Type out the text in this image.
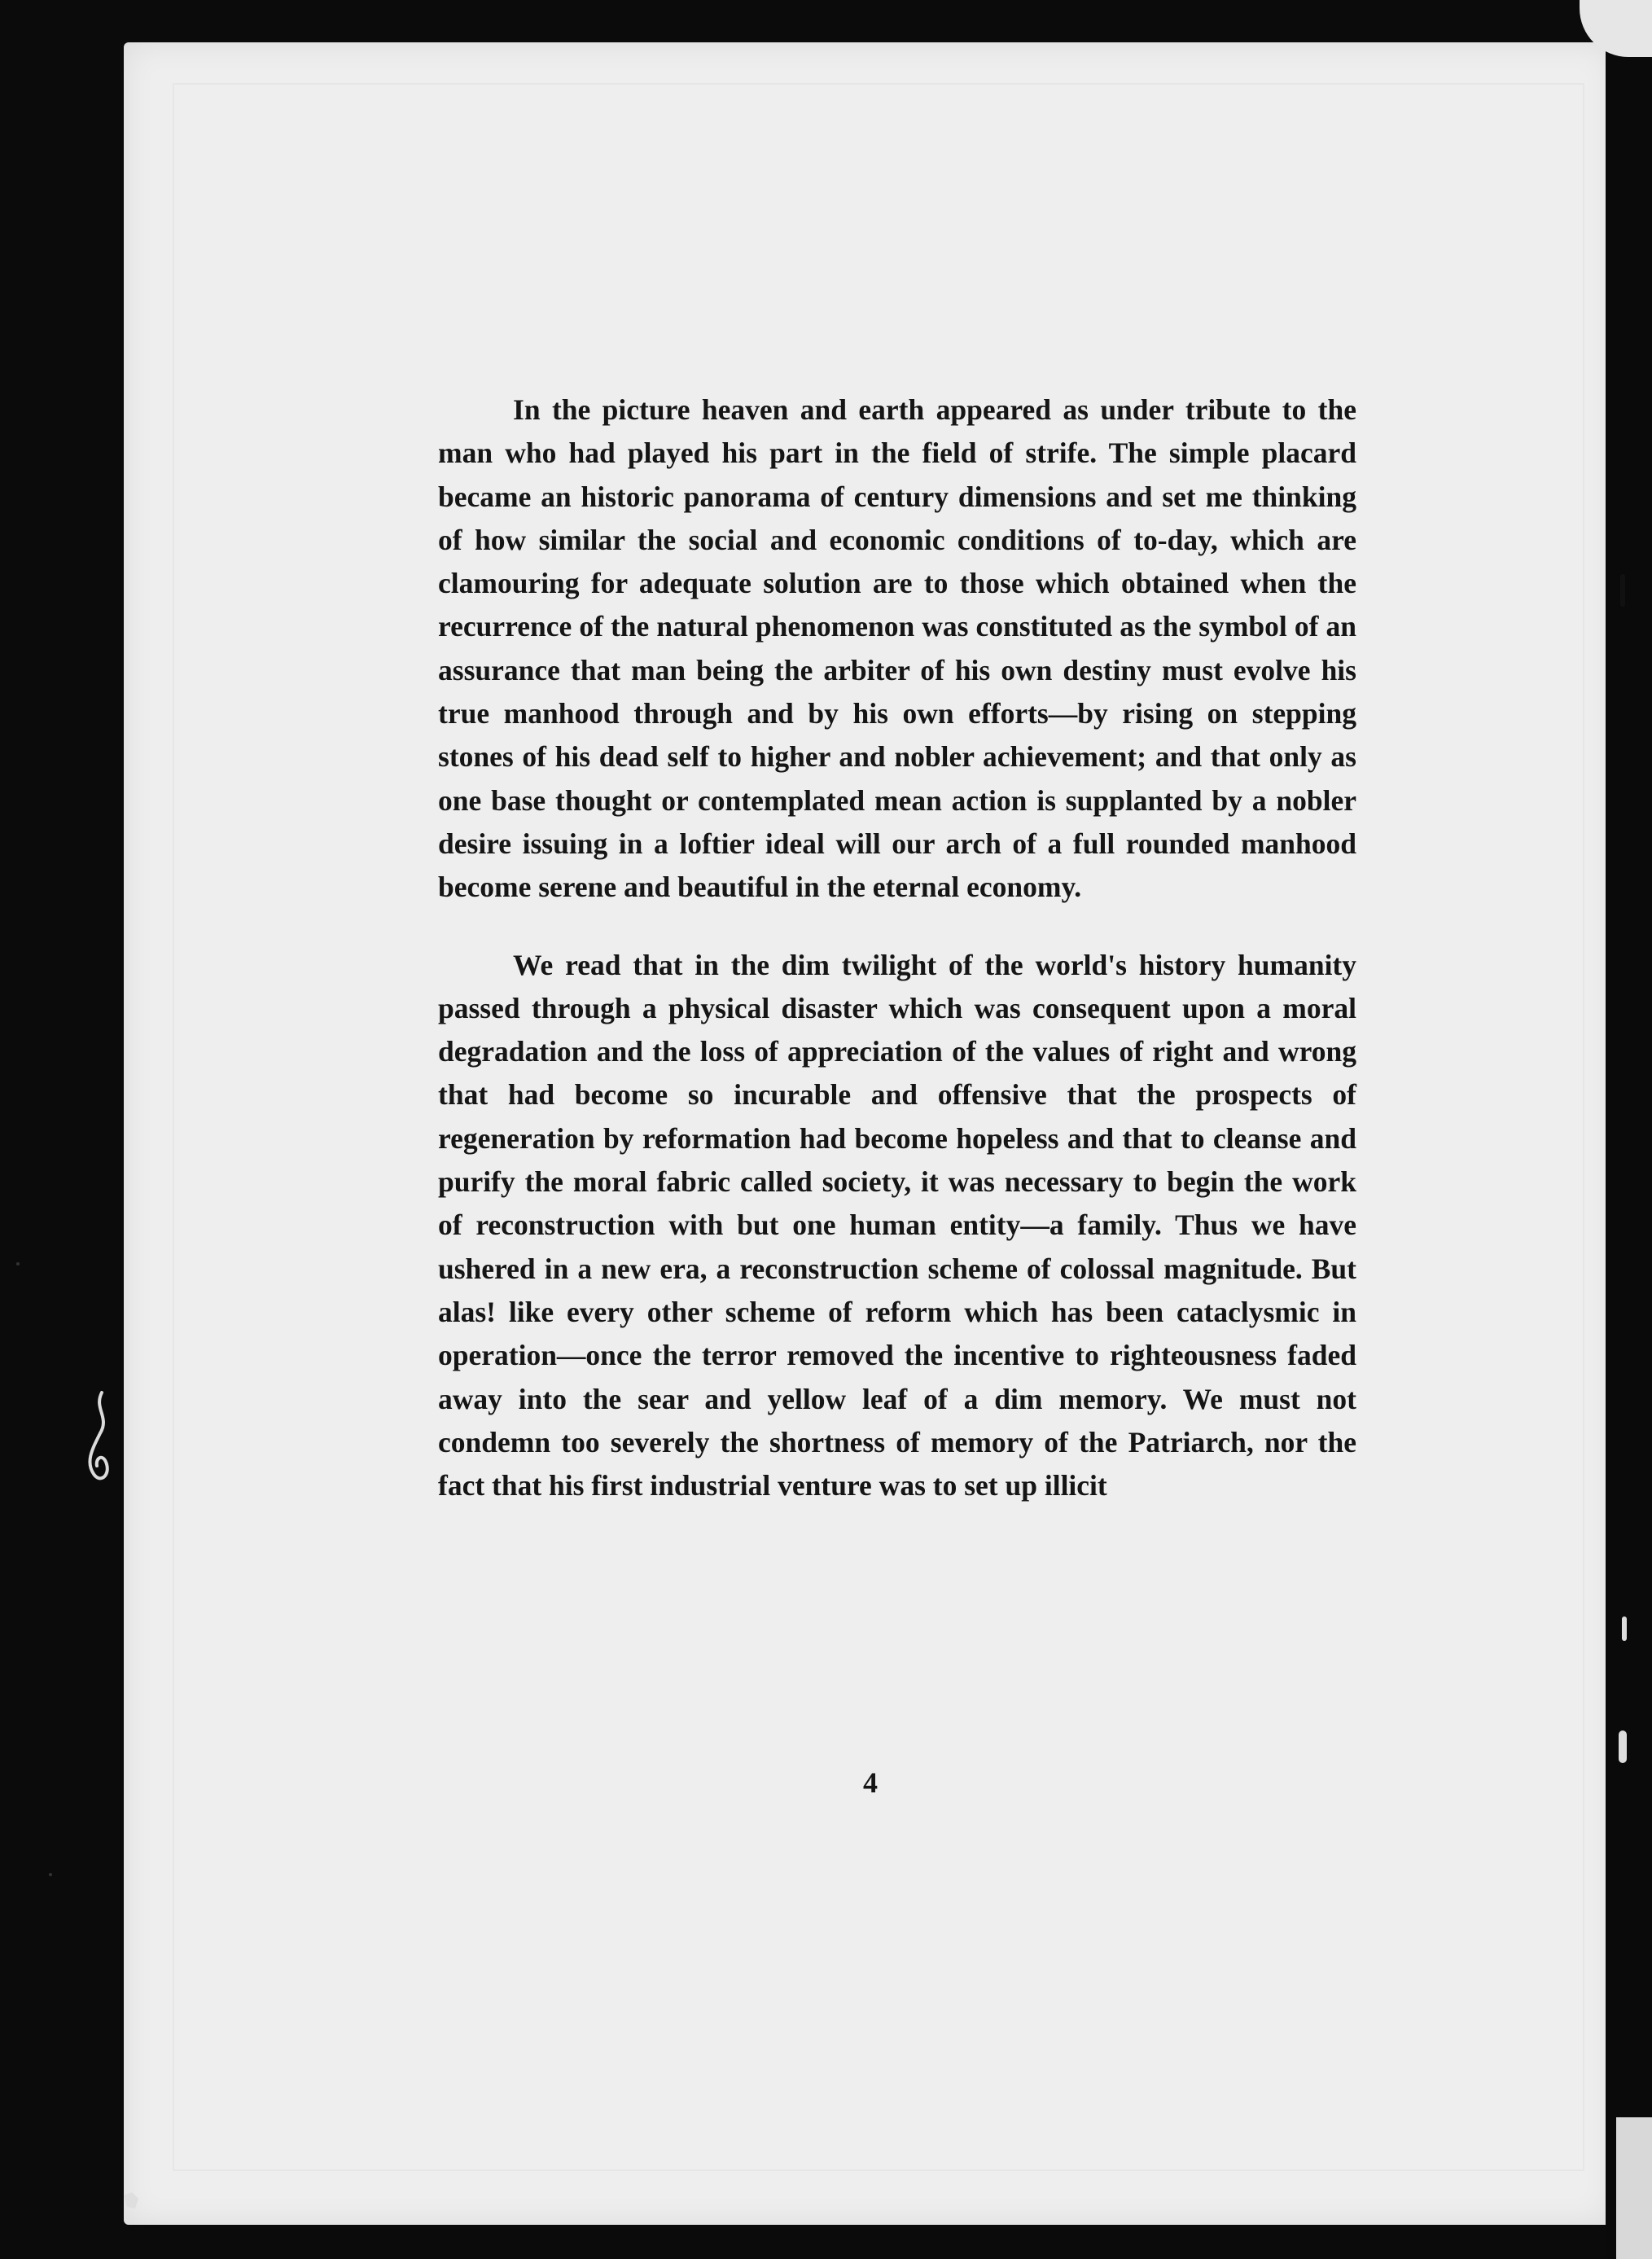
In the picture heaven and earth appeared as under tribute to the man who had played his part in the field of strife. The simple placard became an historic panorama of century dimensions and set me thinking of how similar the social and economic conditions of to-day, which are clamouring for adequate solution are to those which obtained when the recurrence of the natural phenomenon was constituted as the symbol of an assurance that man being the arbiter of his own destiny must evolve his true manhood through and by his own efforts—by rising on stepping stones of his dead self to higher and nobler achievement; and that only as one base thought or contemplated mean action is supplanted by a nobler desire issuing in a loftier ideal will our arch of a full rounded manhood become serene and beautiful in the eternal economy.

We read that in the dim twilight of the world's history humanity passed through a physical disaster which was consequent upon a moral degradation and the loss of appreciation of the values of right and wrong that had become so incurable and offensive that the prospects of regeneration by reformation had become hopeless and that to cleanse and purify the moral fabric called society, it was necessary to begin the work of reconstruction with but one human entity—a family. Thus we have ushered in a new era, a reconstruction scheme of colossal magnitude. But alas! like every other scheme of reform which has been cataclysmic in operation—once the terror removed the incentive to righteousness faded away into the sear and yellow leaf of a dim memory. We must not condemn too severely the shortness of memory of the Patriarch, nor the fact that his first industrial venture was to set up illicit

4
